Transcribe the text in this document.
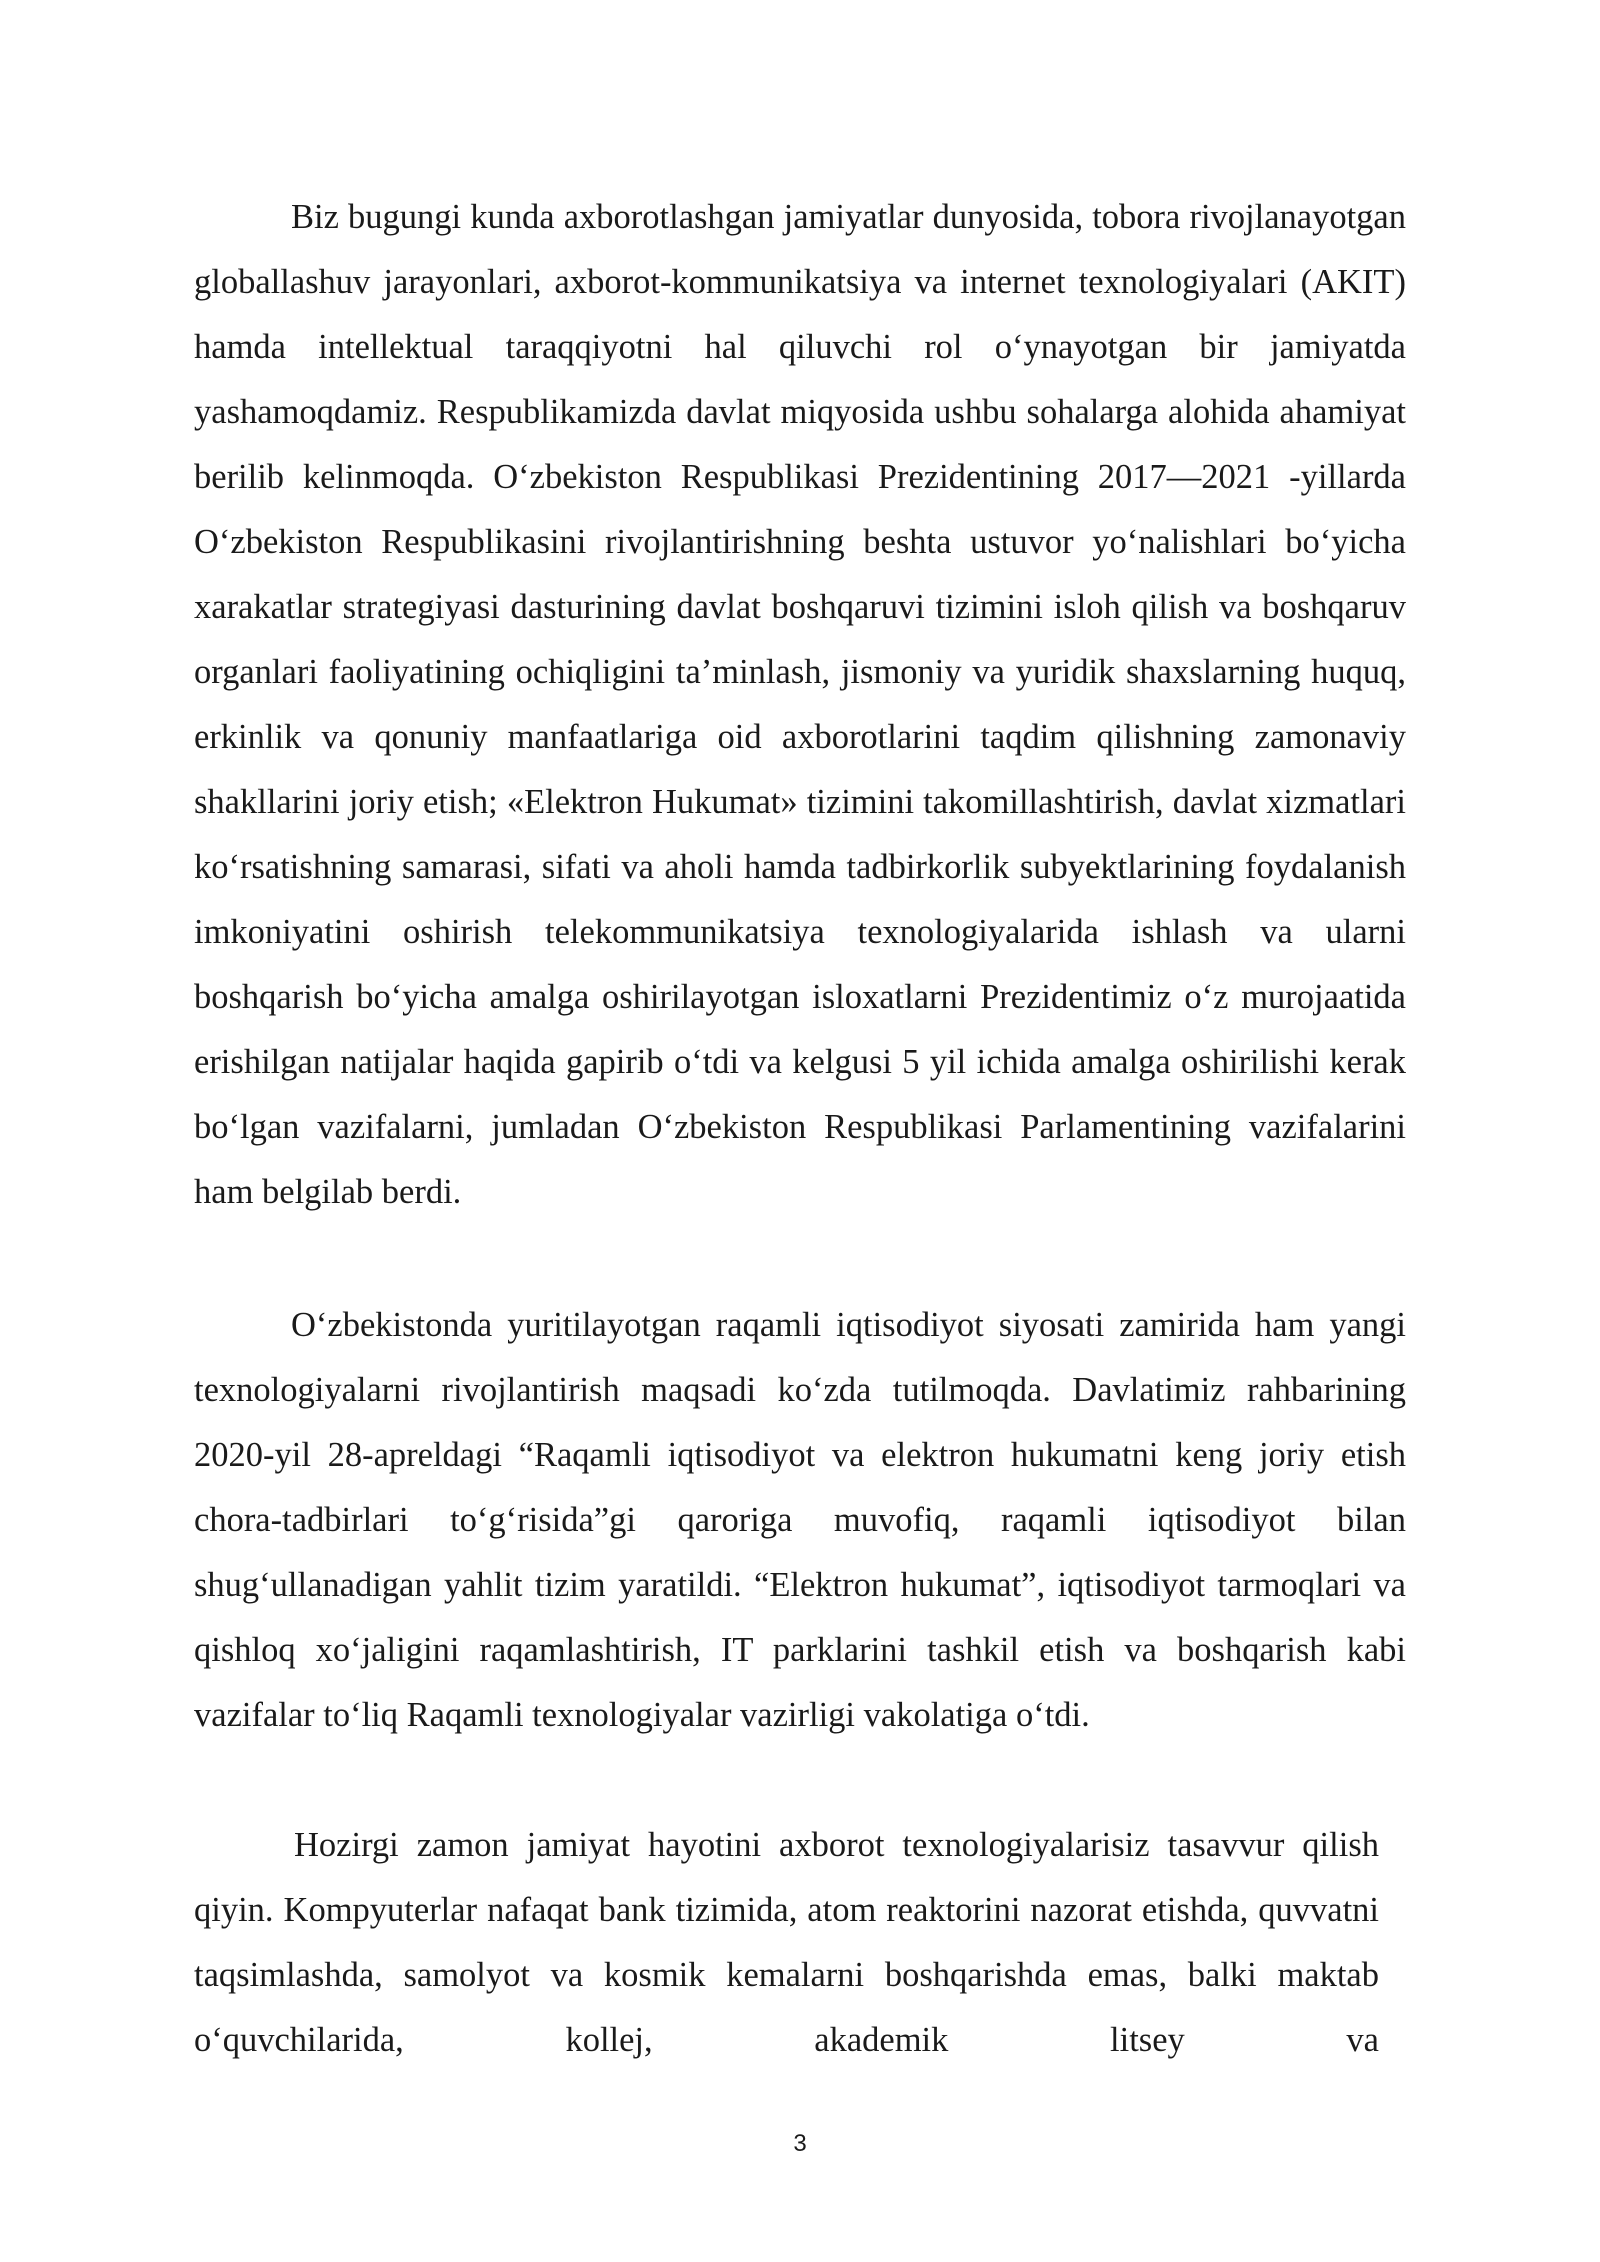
Biz bugungi kunda axborotlashgan jamiyatlar dunyosida, tobora rivojlanayotgan globallashuv jarayonlari, axborot-kommunikatsiya va internet texnologiyalari (AKIT) hamda intellektual taraqqiyotni hal qiluvchi rol o‘ynayotgan bir jamiyatda yashamoqdamiz. Respublikamizda davlat miqyosida ushbu sohalarga alohida ahamiyat berilib kelinmoqda. O‘zbekiston Respublikasi Prezidentining 2017—2021 -yillarda O‘zbekiston Respublikasini rivojlantirishning beshta ustuvor yo‘nalishlari bo‘yicha xarakatlar strategiyasi dasturining davlat boshqaruvi tizimini isloh qilish va boshqaruv organlari faoliyatining ochiqligini ta’minlash, jismoniy va yuridik shaxslarning huquq, erkinlik va qonuniy manfaatlariga oid axborotlarini taqdim qilishning zamonaviy shakllarini joriy etish; «Elektron Hukumat» tizimini takomillashtirish, davlat xizmatlari ko‘rsatishning samarasi, sifati va aholi hamda tadbirkorlik subyektlarining foydalanish imkoniyatini oshirish telekommunikatsiya texnologiyalarida ishlash va ularni boshqarish bo‘yicha amalga oshirilayotgan isloxatlarni Prezidentimiz o‘z murojaatida erishilgan natijalar haqida gapirib o‘tdi va kelgusi 5 yil ichida amalga oshirilishi kerak bo‘lgan vazifalarni, jumladan O‘zbekiston Respublikasi Parlamentining vazifalarini ham belgilab berdi.

O‘zbekistonda yuritilayotgan raqamli iqtisodiyot siyosati zamirida ham yangi texnologiyalarni rivojlantirish maqsadi ko‘zda tutilmoqda. Davlatimiz rahbarining 2020-yil 28-apreldagi “Raqamli iqtisodiyot va elektron hukumatni keng joriy etish chora-tadbirlari to‘g‘risida”gi qaroriga muvofiq, raqamli iqtisodiyot bilan shug‘ullanadigan yahlit tizim yaratildi. “Elektron hukumat”, iqtisodiyot tarmoqlari va qishloq xo‘jaligini raqamlashtirish, IT parklarini tashkil etish va boshqarish kabi vazifalar to‘liq Raqamli texnologiyalar vazirligi vakolatiga o‘tdi.

Hozirgi zamon jamiyat hayotini axborot texnologiyalarisiz tasavvur qilish qiyin. Kompyuterlar nafaqat bank tizimida, atom reaktorini nazorat etishda, quvvatni taqsimlashda, samolyot va kosmik kemalarni boshqarishda emas, balki maktab o‘quvchilarida, kollej, akademik litsey va

3
